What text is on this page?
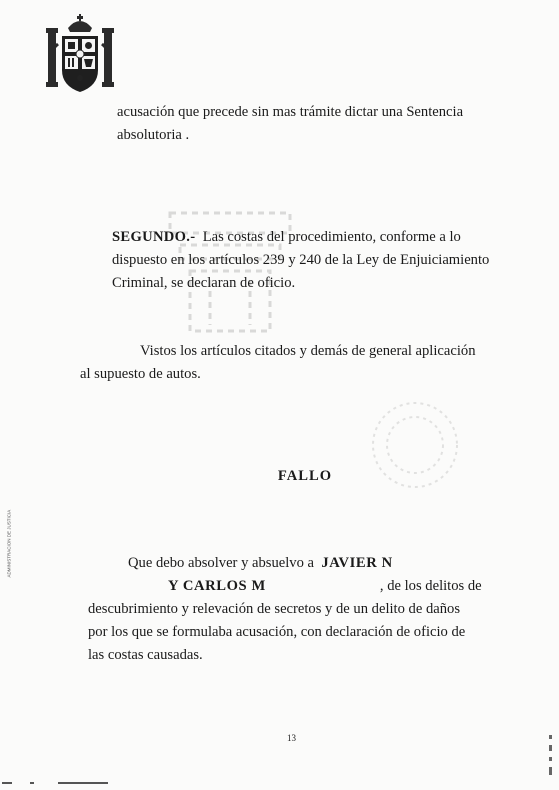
acusación que precede sin mas trámite dictar una Sentencia
absolutoria .

SEGUNDO.- Las costas del procedimiento, conforme a lo
dispuesto en los artículos 239 y 240 de la Ley de Enjuiciamiento
Criminal, se declaran de oficio.

Vistos los artículos citados y demás de general aplicación
al supuesto de autos.

FALLO

Que debo absolver y absuelvo a JAVIER N
Y CARLOS M	, de los delitos de
descubrimiento y relevación de secretos y de un delito de daños
por los que se formulaba acusación, con declaración de oficio de
las costas causadas.

13

ADMINISTRACION DE JUSTICIA
